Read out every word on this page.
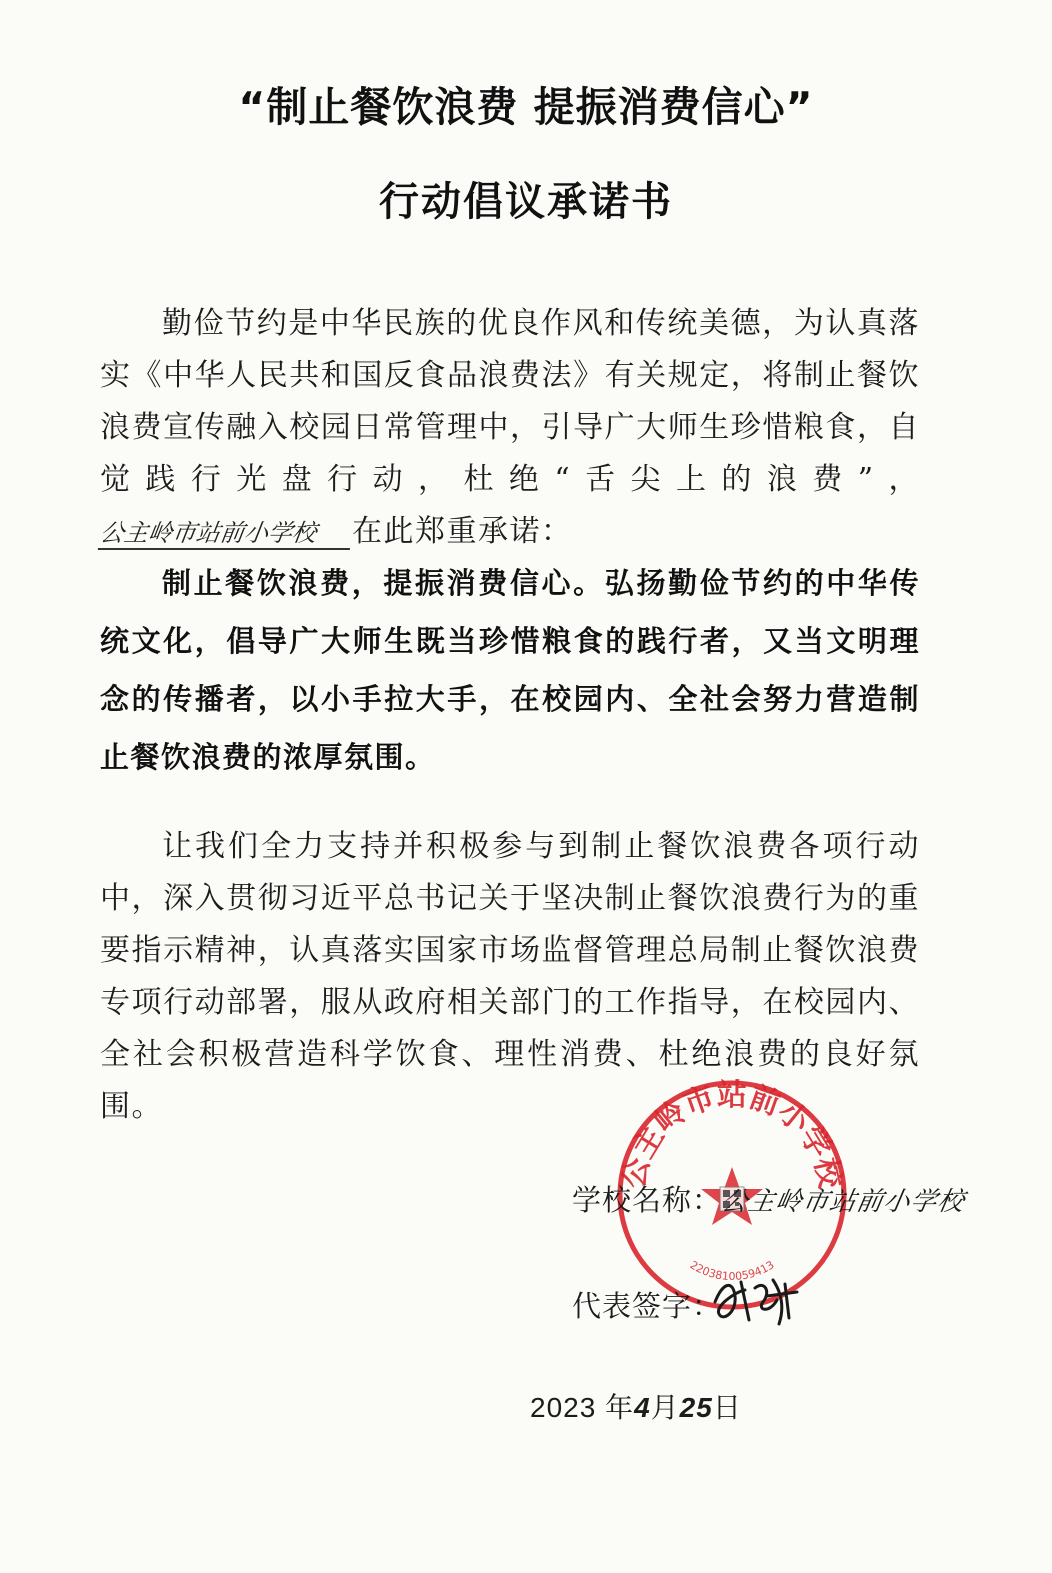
“制止餐饮浪费 提振消费信心”
行动倡议承诺书

勤俭节约是中华民族的优良作风和传统美德，为认真落实《中华人民共和国反食品浪费法》有关规定，将制止餐饮浪费宣传融入校园日常管理中，引导广大师生珍惜粮食，自觉践行光盘行动，杜绝“舌尖上的浪费”，公主岭市站前小学校 在此郑重承诺：

制止餐饮浪费，提振消费信心。弘扬勤俭节约的中华传统文化，倡导广大师生既当珍惜粮食的践行者，又当文明理念的传播者，以小手拉大手，在校园内、全社会努力营造制止餐饮浪费的浓厚氛围。

让我们全力支持并积极参与到制止餐饮浪费各项行动中，深入贯彻习近平总书记关于坚决制止餐饮浪费行为的重要指示精神，认真落实国家市场监督管理总局制止餐饮浪费专项行动部署，服从政府相关部门的工作指导，在校园内、全社会积极营造科学饮食、理性消费、杜绝浪费的良好氛围。

公主岭市站前小学校
2203810059413
学校名称：公主岭市站前小学校
代表签字：
2023 年4月25日
